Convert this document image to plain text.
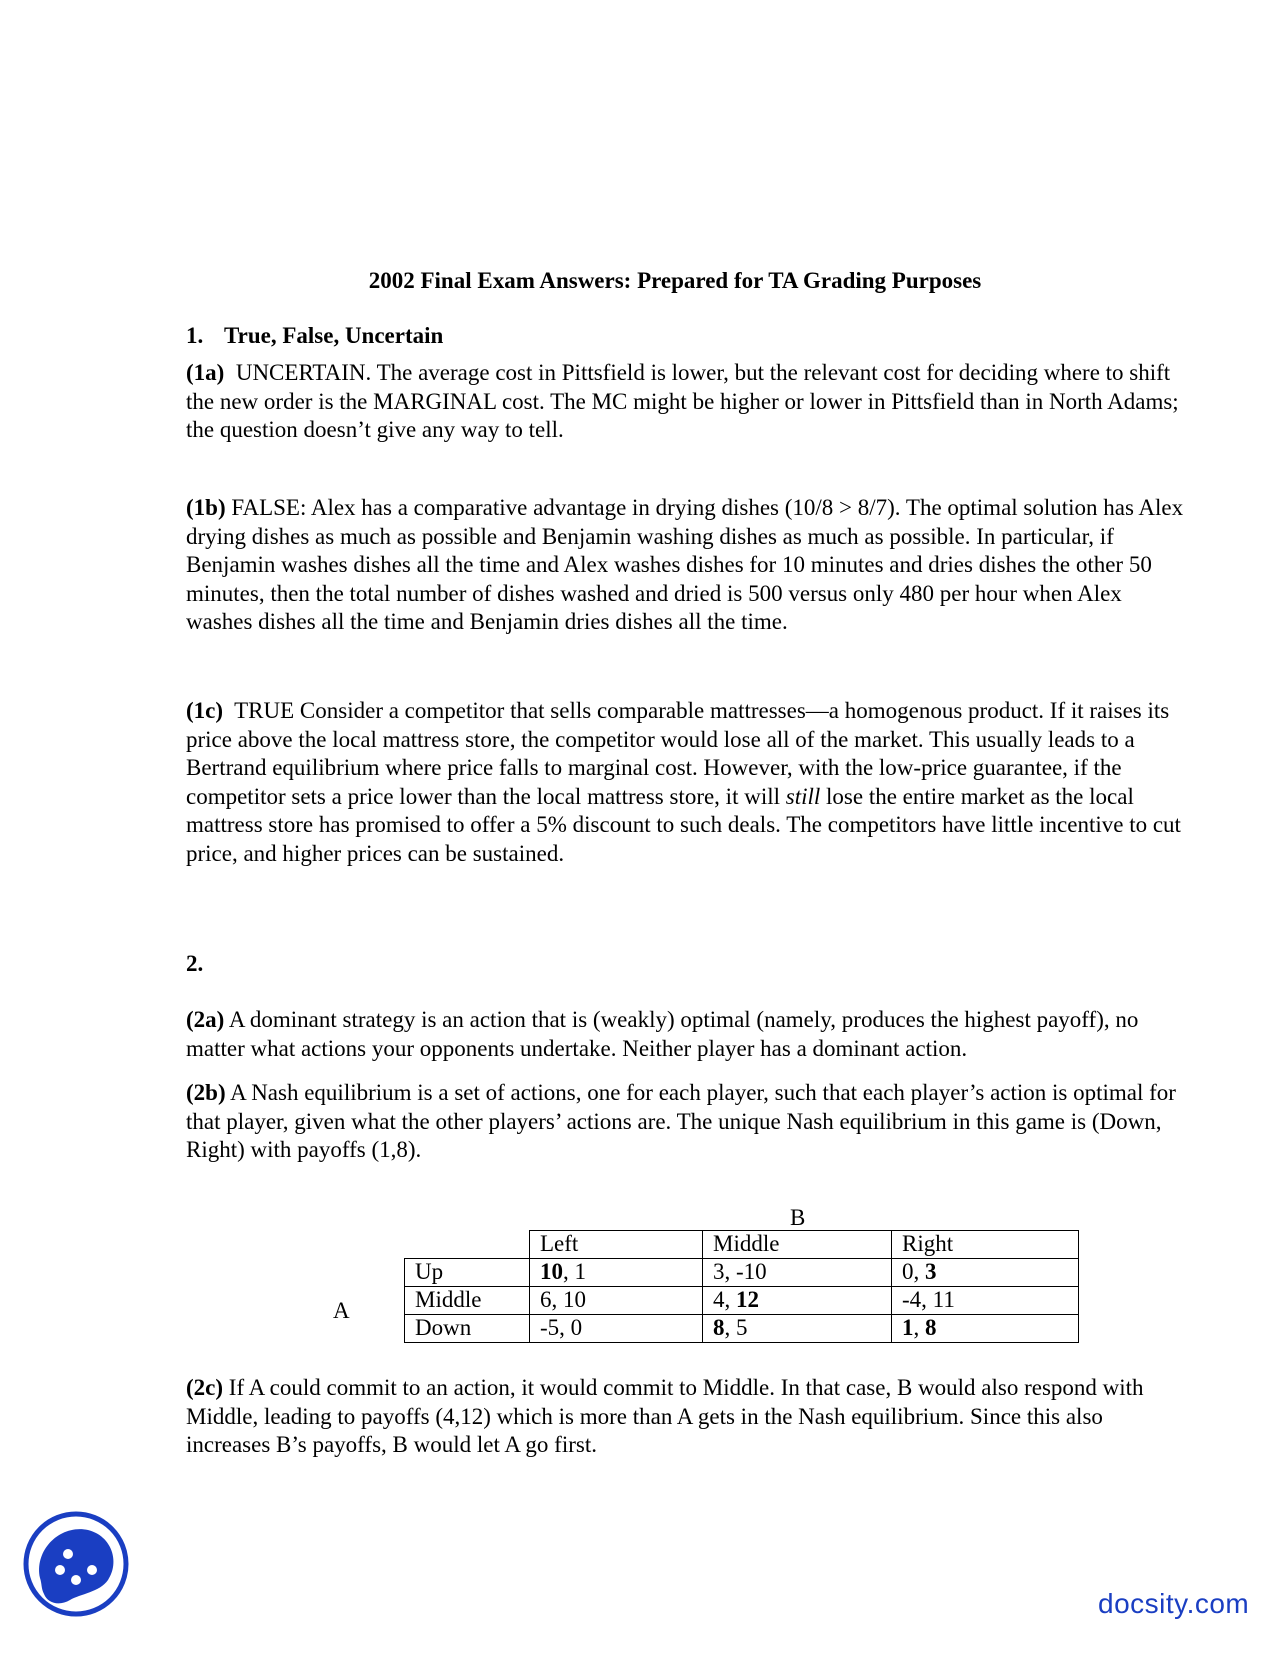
2002 Final Exam Answers: Prepared for TA Grading Purposes
1. True, False, Uncertain

(1a) UNCERTAIN. The average cost in Pittsfield is lower, but the relevant cost for deciding where to shift the new order is the MARGINAL cost. The MC might be higher or lower in Pittsfield than in North Adams; the question doesn’t give any way to tell.

(1b) FALSE: Alex has a comparative advantage in drying dishes (10/8 > 8/7). The optimal solution has Alex drying dishes as much as possible and Benjamin washing dishes as much as possible. In particular, if Benjamin washes dishes all the time and Alex washes dishes for 10 minutes and dries dishes the other 50 minutes, then the total number of dishes washed and dried is 500 versus only 480 per hour when Alex washes dishes all the time and Benjamin dries dishes all the time.

(1c) TRUE Consider a competitor that sells comparable mattresses—a homogenous product. If it raises its price above the local mattress store, the competitor would lose all of the market. This usually leads to a Bertrand equilibrium where price falls to marginal cost. However, with the low-price guarantee, if the competitor sets a price lower than the local mattress store, it will still lose the entire market as the local mattress store has promised to offer a 5% discount to such deals. The competitors have little incentive to cut price, and higher prices can be sustained.

2.

(2a) A dominant strategy is an action that is (weakly) optimal (namely, produces the highest payoff), no matter what actions your opponents undertake. Neither player has a dominant action.

(2b) A Nash equilibrium is a set of actions, one for each player, such that each player’s action is optimal for that player, given what the other players’ actions are. The unique Nash equilibrium in this game is (Down, Right) with payoffs (1,8).

B
A
	Left	Middle	Right
Up	10, 1	3, -10	0, 3
Middle	6, 10	4, 12	-4, 11
Down	-5, 0	8, 5	1, 8

(2c) If A could commit to an action, it would commit to Middle. In that case, B would also respond with Middle, leading to payoffs (4,12) which is more than A gets in the Nash equilibrium. Since this also increases B’s payoffs, B would let A go first.

docsity.com
